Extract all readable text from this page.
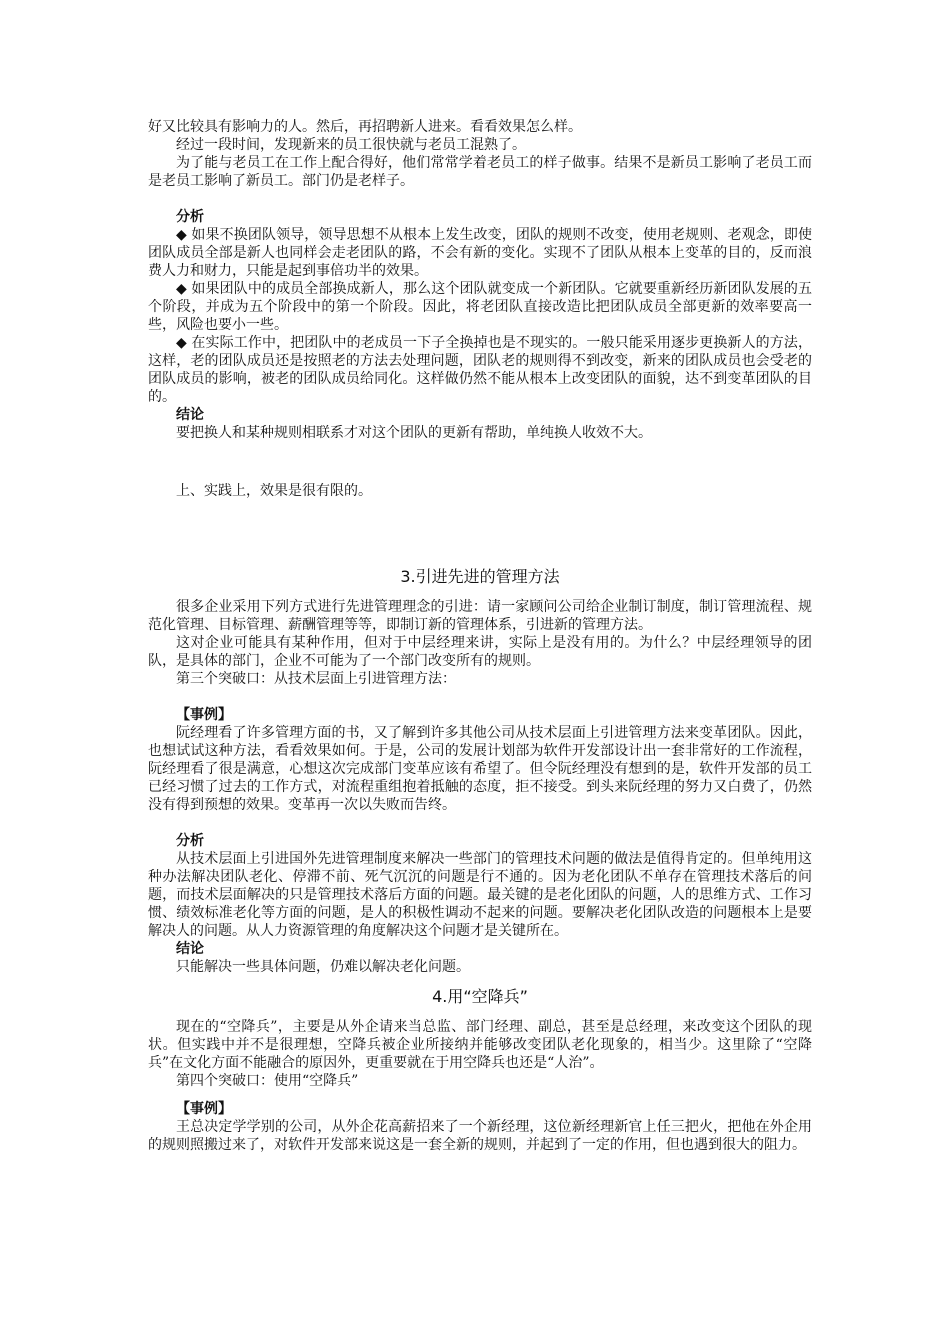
好又比较具有影响力的人。然后，再招聘新人进来。看看效果怎么样。

经过一段时间，发现新来的员工很快就与老员工混熟了。

为了能与老员工在工作上配合得好，他们常常学着老员工的样子做事。结果不是新员工影响了老员工而是老员工影响了新员工。部门仍是老样子。

分析

◆ 如果不换团队领导，领导思想不从根本上发生改变，团队的规则不改变，使用老规则、老观念，即使团队成员全部是新人也同样会走老团队的路，不会有新的变化。实现不了团队从根本上变革的目的，反而浪费人力和财力，只能是起到事倍功半的效果。

◆ 如果团队中的成员全部换成新人，那么这个团队就变成一个新团队。它就要重新经历新团队发展的五个阶段，并成为五个阶段中的第一个阶段。因此，将老团队直接改造比把团队成员全部更新的效率要高一些，风险也要小一些。

◆ 在实际工作中，把团队中的老成员一下子全换掉也是不现实的。一般只能采用逐步更换新人的方法，这样，老的团队成员还是按照老的方法去处理问题，团队老的规则得不到改变，新来的团队成员也会受老的团队成员的影响，被老的团队成员给同化。这样做仍然不能从根本上改变团队的面貌，达不到变革团队的目的。

结论

要把换人和某种规则相联系才对这个团队的更新有帮助，单纯换人收效不大。

上、实践上，效果是很有限的。

3.引进先进的管理方法

很多企业采用下列方式进行先进管理理念的引进：请一家顾问公司给企业制订制度，制订管理流程、规范化管理、目标管理、薪酬管理等等，即制订新的管理体系，引进新的管理方法。

这对企业可能具有某种作用，但对于中层经理来讲，实际上是没有用的。为什么？中层经理领导的团队，是具体的部门，企业不可能为了一个部门改变所有的规则。

第三个突破口：从技术层面上引进管理方法：

【事例】

阮经理看了许多管理方面的书，又了解到许多其他公司从技术层面上引进管理方法来变革团队。因此，也想试试这种方法，看看效果如何。于是，公司的发展计划部为软件开发部设计出一套非常好的工作流程，阮经理看了很是满意，心想这次完成部门变革应该有希望了。但令阮经理没有想到的是，软件开发部的员工已经习惯了过去的工作方式，对流程重组抱着抵触的态度，拒不接受。到头来阮经理的努力又白费了，仍然没有得到预想的效果。变革再一次以失败而告终。

分析

从技术层面上引进国外先进管理制度来解决一些部门的管理技术问题的做法是值得肯定的。但单纯用这种办法解决团队老化、停滞不前、死气沉沉的问题是行不通的。因为老化团队不单存在管理技术落后的问题，而技术层面解决的只是管理技术落后方面的问题。最关键的是老化团队的问题，人的思维方式、工作习惯、绩效标准老化等方面的问题，是人的积极性调动不起来的问题。要解决老化团队改造的问题根本上是要解决人的问题。从人力资源管理的角度解决这个问题才是关键所在。

结论

只能解决一些具体问题，仍难以解决老化问题。

4.用“空降兵”

现在的“空降兵”，主要是从外企请来当总监、部门经理、副总，甚至是总经理，来改变这个团队的现状。但实践中并不是很理想，空降兵被企业所接纳并能够改变团队老化现象的，相当少。这里除了“空降兵”在文化方面不能融合的原因外，更重要就在于用空降兵也还是“人治”。

第四个突破口：使用“空降兵”

【事例】

王总决定学学别的公司，从外企花高薪招来了一个新经理，这位新经理新官上任三把火，把他在外企用的规则照搬过来了，对软件开发部来说这是一套全新的规则，并起到了一定的作用，但也遇到很大的阻力。
